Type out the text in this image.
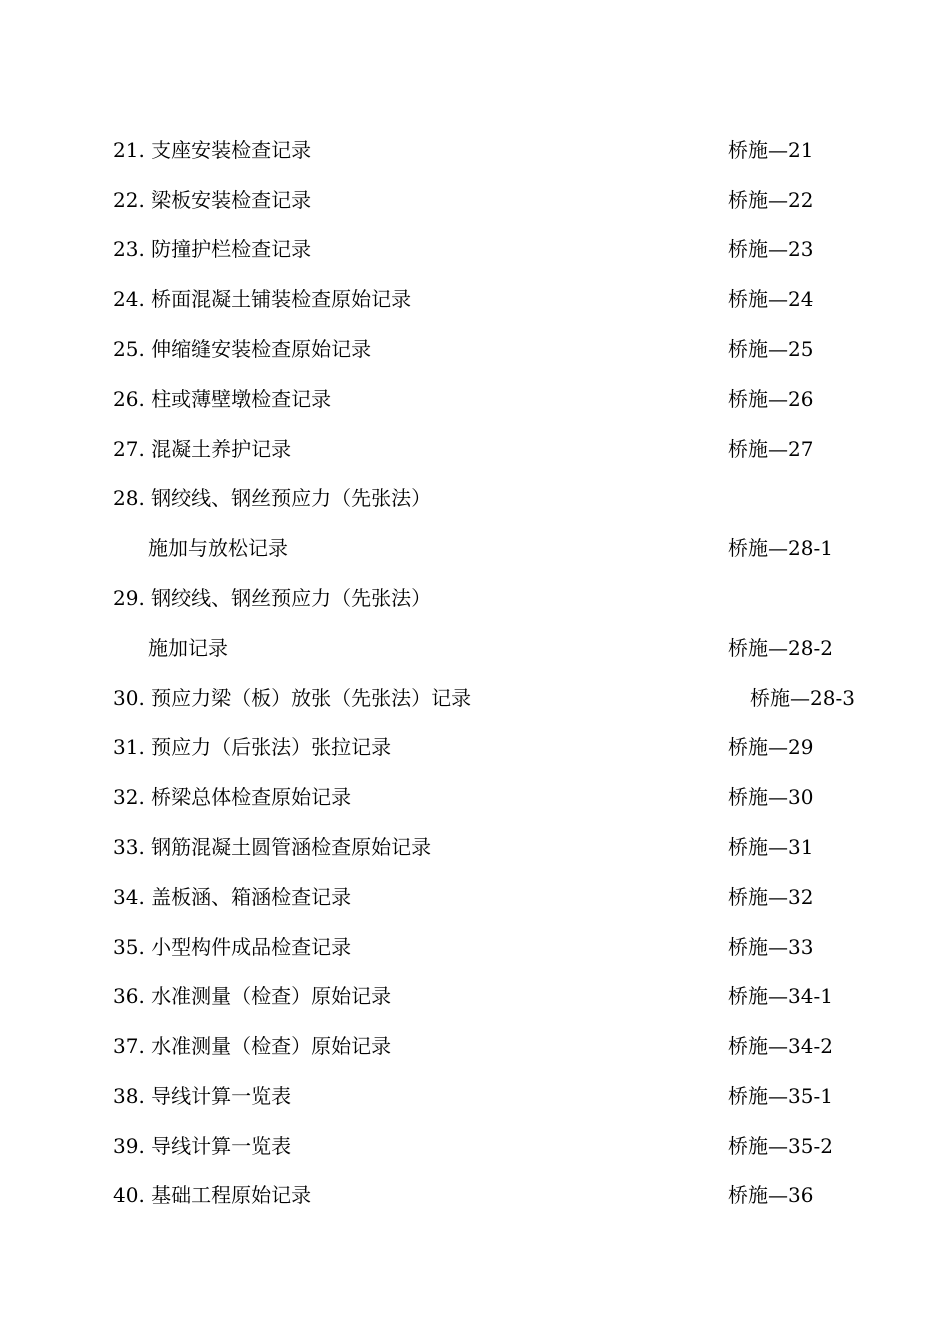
21. 支座安装检查记录	桥施—21
22. 梁板安装检查记录	桥施—22
23. 防撞护栏检查记录	桥施—23
24. 桥面混凝土铺装检查原始记录	桥施—24
25. 伸缩缝安装检查原始记录	桥施—25
26. 柱或薄壁墩检查记录	桥施—26
27. 混凝土养护记录	桥施—27
28. 钢绞线、钢丝预应力（先张法）
施加与放松记录	桥施—28-1
29. 钢绞线、钢丝预应力（先张法）
施加记录	桥施—28-2
30. 预应力梁（板）放张（先张法）记录	桥施—28-3
31. 预应力（后张法）张拉记录	桥施—29
32. 桥梁总体检查原始记录	桥施—30
33. 钢筋混凝土圆管涵检查原始记录	桥施—31
34. 盖板涵、箱涵检查记录	桥施—32
35. 小型构件成品检查记录	桥施—33
36. 水准测量（检查）原始记录	桥施—34-1
37. 水准测量（检查）原始记录	桥施—34-2
38. 导线计算一览表	桥施—35-1
39. 导线计算一览表	桥施—35-2
40. 基础工程原始记录	桥施—36
